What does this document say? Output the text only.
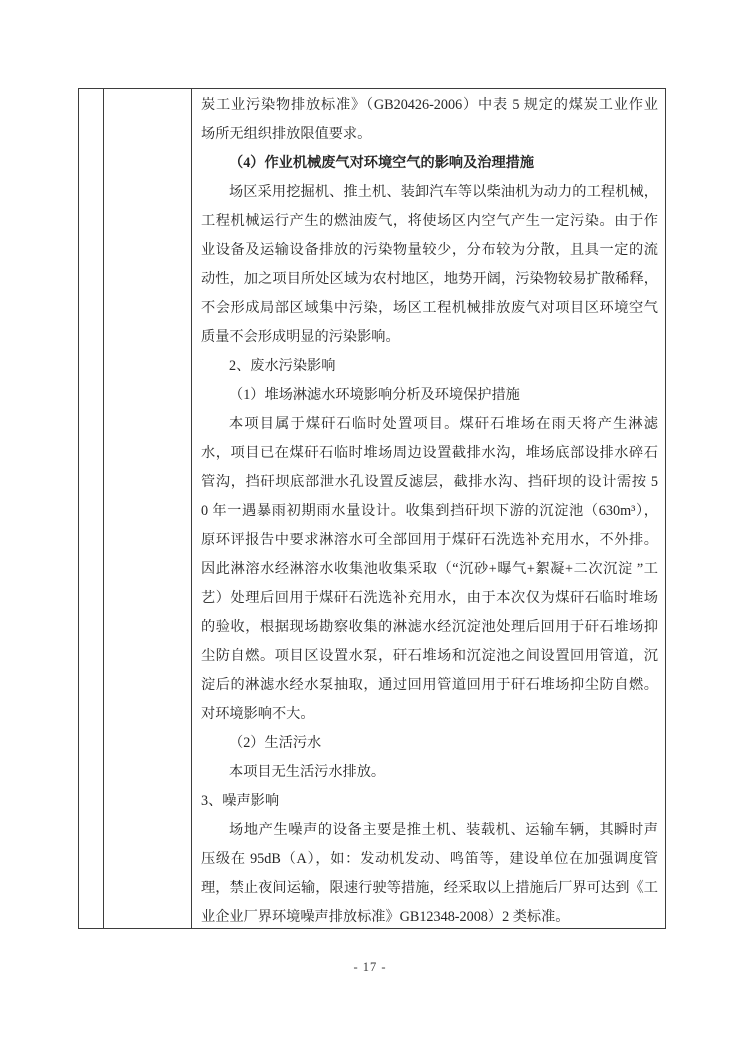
炭工业污染物排放标准》（GB20426-2006）中表 5 规定的煤炭工业作业
场所无组织排放限值要求。
（4）作业机械废气对环境空气的影响及治理措施
场区采用挖掘机、推土机、装卸汽车等以柴油机为动力的工程机械，
工程机械运行产生的燃油废气，将使场区内空气产生一定污染。由于作
业设备及运输设备排放的污染物量较少，分布较为分散，且具一定的流
动性，加之项目所处区域为农村地区，地势开阔，污染物较易扩散稀释，
不会形成局部区域集中污染，场区工程机械排放废气对项目区环境空气
质量不会形成明显的污染影响。
2、废水污染影响
（1）堆场淋滤水环境影响分析及环境保护措施
本项目属于煤矸石临时处置项目。煤矸石堆场在雨天将产生淋滤
水，项目已在煤矸石临时堆场周边设置截排水沟，堆场底部设排水碎石
管沟，挡矸坝底部泄水孔设置反滤层，截排水沟、挡矸坝的设计需按 5
0 年一遇暴雨初期雨水量设计。收集到挡矸坝下游的沉淀池（630m³），
原环评报告中要求淋溶水可全部回用于煤矸石洗选补充用水，不外排。
因此淋溶水经淋溶水收集池收集采取（“沉砂+曝气+絮凝+二次沉淀 ”工
艺）处理后回用于煤矸石洗选补充用水，由于本次仅为煤矸石临时堆场
的验收，根据现场勘察收集的淋滤水经沉淀池处理后回用于矸石堆场抑
尘防自燃。项目区设置水泵，矸石堆场和沉淀池之间设置回用管道，沉
淀后的淋滤水经水泵抽取，通过回用管道回用于矸石堆场抑尘防自燃。
对环境影响不大。
（2）生活污水
本项目无生活污水排放。
3、噪声影响
场地产生噪声的设备主要是推土机、装载机、运输车辆，其瞬时声
压级在 95dB（A），如：发动机发动、鸣笛等，建设单位在加强调度管
理，禁止夜间运输，限速行驶等措施，经采取以上措施后厂界可达到《工
业企业厂界环境噪声排放标准》GB12348-2008）2 类标准。
- 17 -
